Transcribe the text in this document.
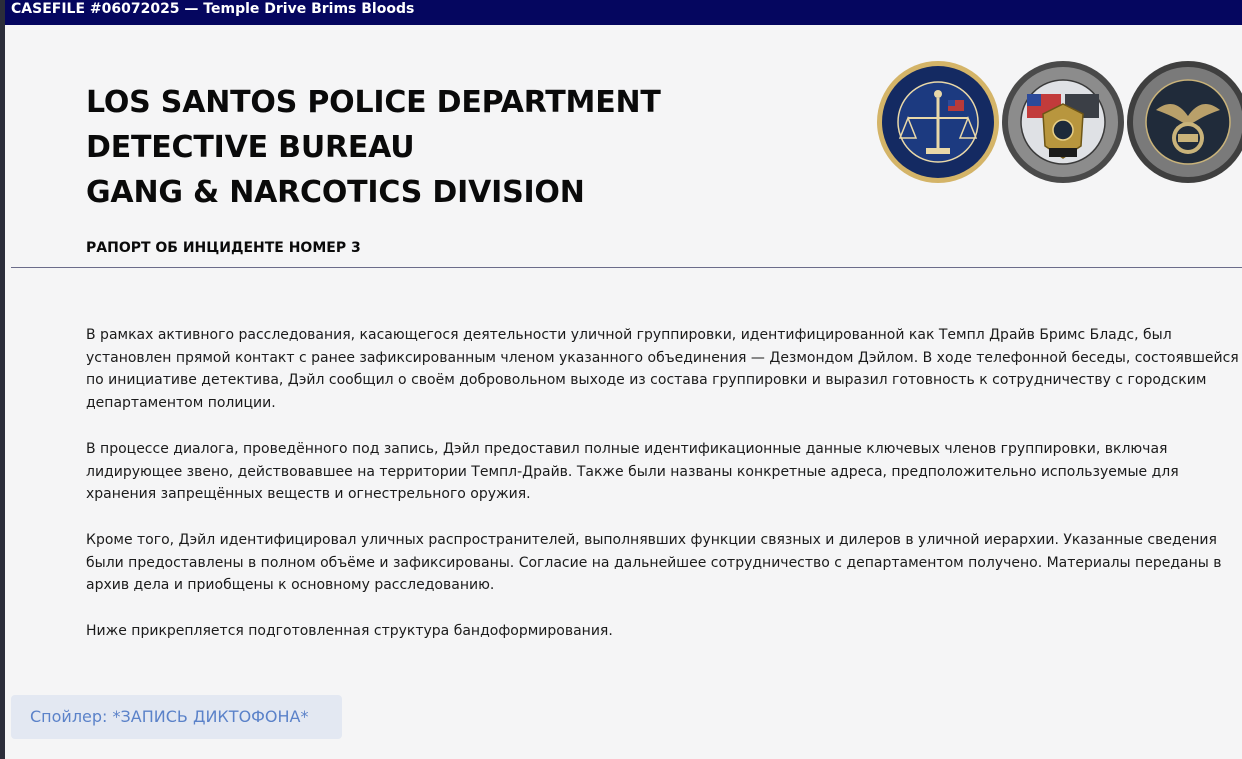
CASEFILE #06072025 — Temple Drive Brims Bloods
LOS SANTOS POLICE DEPARTMENT
DETECTIVE BUREAU
GANG & NARCOTICS DIVISION
РАПОРТ ОБ ИНЦИДЕНТЕ НОМЕР 3

В рамках активного расследования, касающегося деятельности уличной группировки, идентифицированной как Темпл Драйв Бримс Бладс, был
установлен прямой контакт с ранее зафиксированным членом указанного объединения — Дезмондом Дэйлом. В ходе телефонной беседы, состоявшейся
по инициативе детектива, Дэйл сообщил о своём добровольном выходе из состава группировки и выразил готовность к сотрудничеству с городским
департаментом полиции.

В процессе диалога, проведённого под запись, Дэйл предоставил полные идентификационные данные ключевых членов группировки, включая
лидирующее звено, действовавшее на территории Темпл-Драйв. Также были названы конкретные адреса, предположительно используемые для
хранения запрещённых веществ и огнестрельного оружия.

Кроме того, Дэйл идентифицировал уличных распространителей, выполнявших функции связных и дилеров в уличной иерархии. Указанные сведения
были предоставлены в полном объёме и зафиксированы. Согласие на дальнейшее сотрудничество с департаментом получено. Материалы переданы в
архив дела и приобщены к основному расследованию.

Ниже прикрепляется подготовленная структура бандоформирования.

Спойлер: *ЗАПИСЬ ДИКТОФОНА*
